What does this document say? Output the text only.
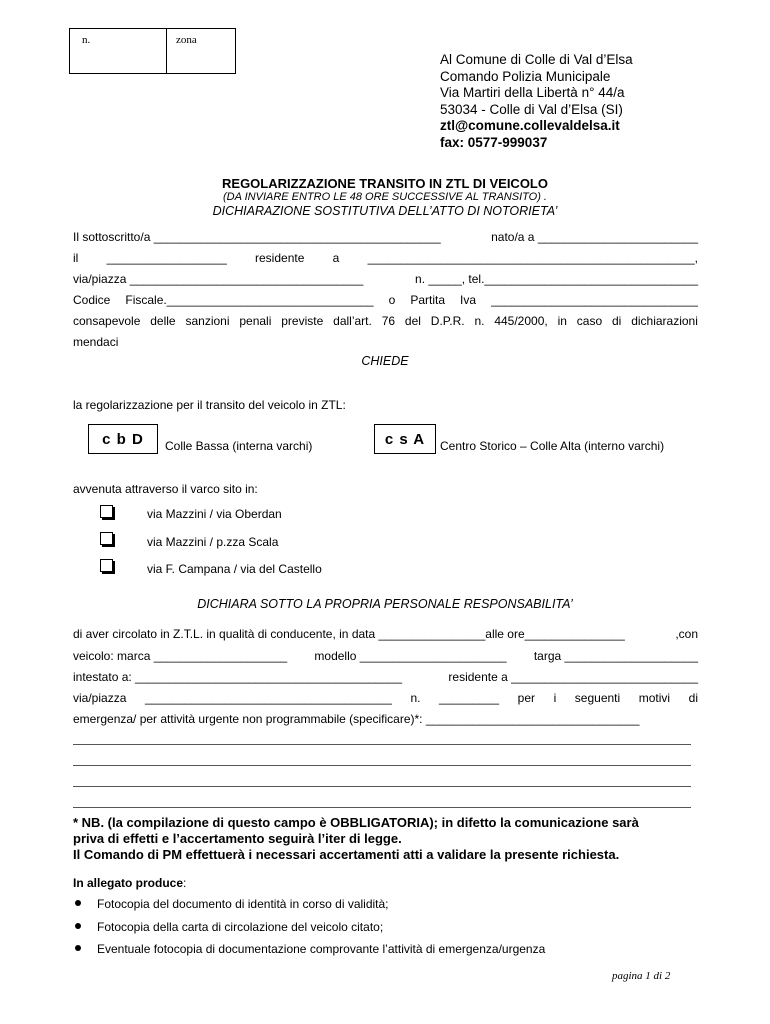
n.	zona
Al Comune di Colle di Val d’Elsa
Comando Polizia Municipale
Via Martiri della Libertà n° 44/a
53034 - Colle di Val d’Elsa (SI)
ztl@comune.collevaldelsa.it
fax: 0577-999037
REGOLARIZZAZIONE TRANSITO IN ZTL DI VEICOLO
(DA INVIARE ENTRO LE 48 ORE SUCCESSIVE AL TRANSITO) .
DICHIARAZIONE SOSTITUTIVA DELL’ATTO DI NOTORIETA’
Il sottoscritto/a ___________________________________________	nato/a a ________________________
il __________________ residente a _________________________________________________,
via/piazza ___________________________________	n. _____, tel.________________________________
Codice Fiscale._______________________________ o Partita Iva _______________________________
consapevole delle sanzioni penali previste dall’art. 76 del D.P.R. n. 445/2000, in caso di dichiarazioni
mendaci
CHIEDE
la regolarizzazione per il transito del veicolo in ZTL:
c b D	Colle Bassa (interna varchi)	c s A	Centro Storico – Colle Alta (interno varchi)
avvenuta attraverso il varco sito in:
via Mazzini / via Oberdan
via Mazzini / p.zza Scala
via F. Campana / via del Castello
DICHIARA SOTTO LA PROPRIA PERSONALE RESPONSABILITA’
di aver circolato in Z.T.L. in qualità di conducente, in data ________________alle ore_______________	,con
veicolo: marca ____________________ modello ______________________ targa ____________________
intestato a: ________________________________________	residente a ____________________________
via/piazza _____________________________________ n. _________ per i seguenti motivi di
emergenza/ per attività urgente non programmabile (specificare)*: ________________________________
* NB. (la compilazione di questo campo è OBBLIGATORIA); in difetto la comunicazione sarà
priva di effetti e l’accertamento seguirà l’iter di legge.
Il Comando di PM effettuerà i necessari accertamenti atti a validare la presente richiesta.
In allegato produce:
Fotocopia del documento di identità in corso di validità;
Fotocopia della carta di circolazione del veicolo citato;
Eventuale fotocopia di documentazione comprovante l’attività di emergenza/urgenza
pagina 1 di 2
